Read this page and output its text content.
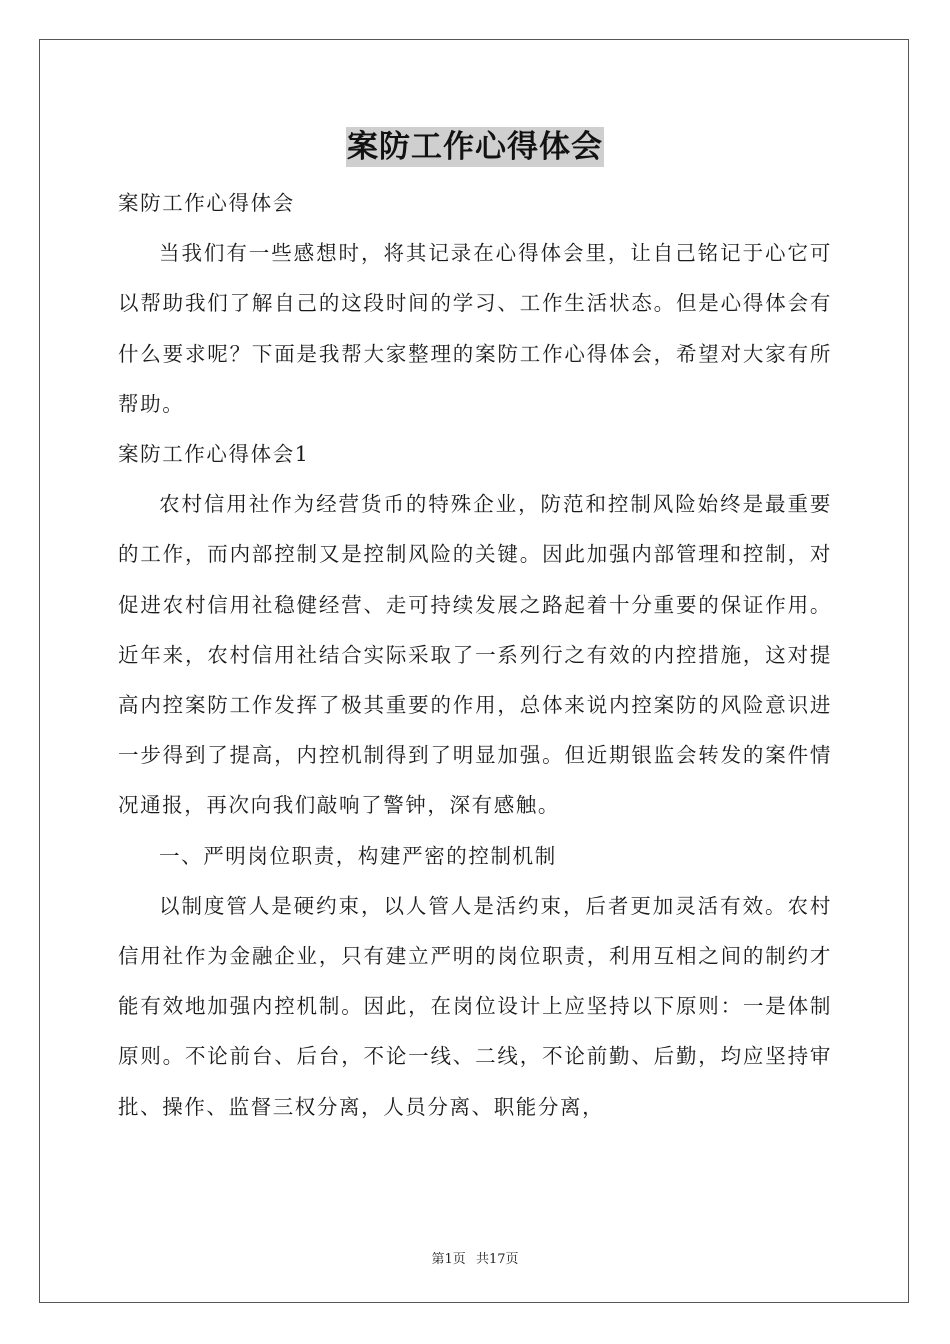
案防工作心得体会

案防工作心得体会

当我们有一些感想时，将其记录在心得体会里，让自己铭记于心它可以帮助我们了解自己的这段时间的学习、工作生活状态。但是心得体会有什么要求呢？下面是我帮大家整理的案防工作心得体会，希望对大家有所帮助。

案防工作心得体会1

农村信用社作为经营货币的特殊企业，防范和控制风险始终是最重要的工作，而内部控制又是控制风险的关键。因此加强内部管理和控制，对促进农村信用社稳健经营、走可持续发展之路起着十分重要的保证作用。近年来，农村信用社结合实际采取了一系列行之有效的内控措施，这对提高内控案防工作发挥了极其重要的作用，总体来说内控案防的风险意识进一步得到了提高，内控机制得到了明显加强。但近期银监会转发的案件情况通报，再次向我们敲响了警钟，深有感触。

一、严明岗位职责，构建严密的控制机制

以制度管人是硬约束，以人管人是活约束，后者更加灵活有效。农村信用社作为金融企业，只有建立严明的岗位职责，利用互相之间的制约才能有效地加强内控机制。因此，在岗位设计上应坚持以下原则：一是体制原则。不论前台、后台，不论一线、二线，不论前勤、后勤，均应坚持审批、操作、监督三权分离，人员分离、职能分离，

第1页 共17页
